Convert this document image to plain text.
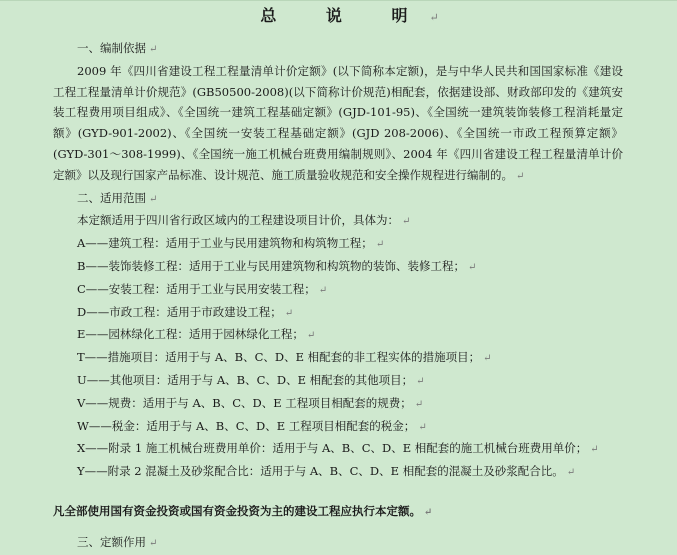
总 说 明↵
一、编制依据 ↵
2009 年《四川省建设工程工程量清单计价定额》(以下简称本定额)，是与中华人民共和国国家标准《建设工程工程量清单计价规范》(GB50500-2008)(以下简称计价规范)相配套，依据建设部、财政部印发的《建筑安装工程费用项目组成》、《全国统一建筑工程基础定额》(GJD-101-95)、《全国统一建筑装饰装修工程消耗量定额》(GYD-901-2002)、《全国统一安装工程基础定额》(GJD 208-2006)、《全国统一市政工程预算定额》(GYD-301～308-1999)、《全国统一施工机械台班费用编制规则》、2004 年《四川省建设工程工程量清单计价定额》以及现行国家产品标准、设计规范、施工质量验收规范和安全操作规程进行编制的。 ↵
二、适用范围 ↵
本定额适用于四川省行政区域内的工程建设项目计价，具体为： ↵
A——建筑工程：适用于工业与民用建筑物和构筑物工程； ↵
B——装饰装修工程：适用于工业与民用建筑物和构筑物的装饰、装修工程； ↵
C——安装工程：适用于工业与民用安装工程； ↵
D——市政工程：适用于市政建设工程； ↵
E——园林绿化工程：适用于园林绿化工程； ↵
T——措施项目：适用于与 A、B、C、D、E 相配套的非工程实体的措施项目； ↵
U——其他项目：适用于与 A、B、C、D、E 相配套的其他项目； ↵
V——规费：适用于与 A、B、C、D、E 工程项目相配套的规费； ↵
W——税金：适用于与 A、B、C、D、E 工程项目相配套的税金； ↵
X——附录 1 施工机械台班费用单价：适用于与 A、B、C、D、E 相配套的施工机械台班费用单价； ↵
Y——附录 2 混凝土及砂浆配合比：适用于与 A、B、C、D、E 相配套的混凝土及砂浆配合比。 ↵
凡全部使用国有资金投资或国有资金投资为主的建设工程应执行本定额。 ↵
三、定额作用 ↵
